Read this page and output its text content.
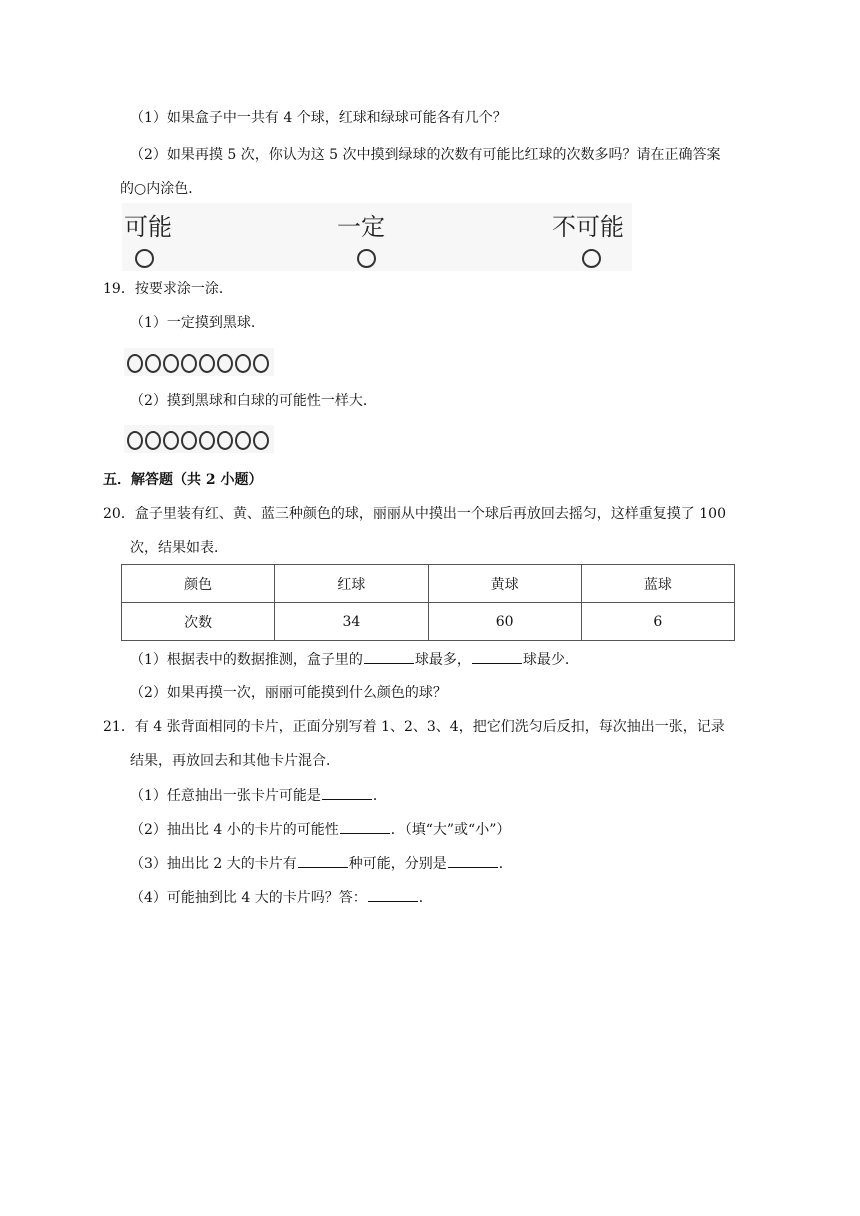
（1）如果盒子中一共有 4 个球，红球和绿球可能各有几个？
（2）如果再摸 5 次，你认为这 5 次中摸到绿球的次数有可能比红球的次数多吗？请在正确答案
的○内涂色．
可能	一定	不可能
19．按要求涂一涂．
（1）一定摸到黑球．
（2）摸到黑球和白球的可能性一样大．
五．解答题（共 2 小题）
20．盒子里装有红、黄、蓝三种颜色的球，丽丽从中摸出一个球后再放回去摇匀，这样重复摸了 100
次，结果如表．
颜色	红球	黄球	蓝球
次数	34	60	6
（1）根据表中的数据推测，盒子里的	球最多，	球最少．
（2）如果再摸一次，丽丽可能摸到什么颜色的球？
21．有 4 张背面相同的卡片，正面分别写着 1、2、3、4，把它们洗匀后反扣，每次抽出一张，记录
结果，再放回去和其他卡片混合．
（1）任意抽出一张卡片可能是	．
（2）抽出比 4 小的卡片的可能性	．（填“大”或“小”）
（3）抽出比 2 大的卡片有	种可能，分别是	．
（4）可能抽到比 4 大的卡片吗？答：	．
